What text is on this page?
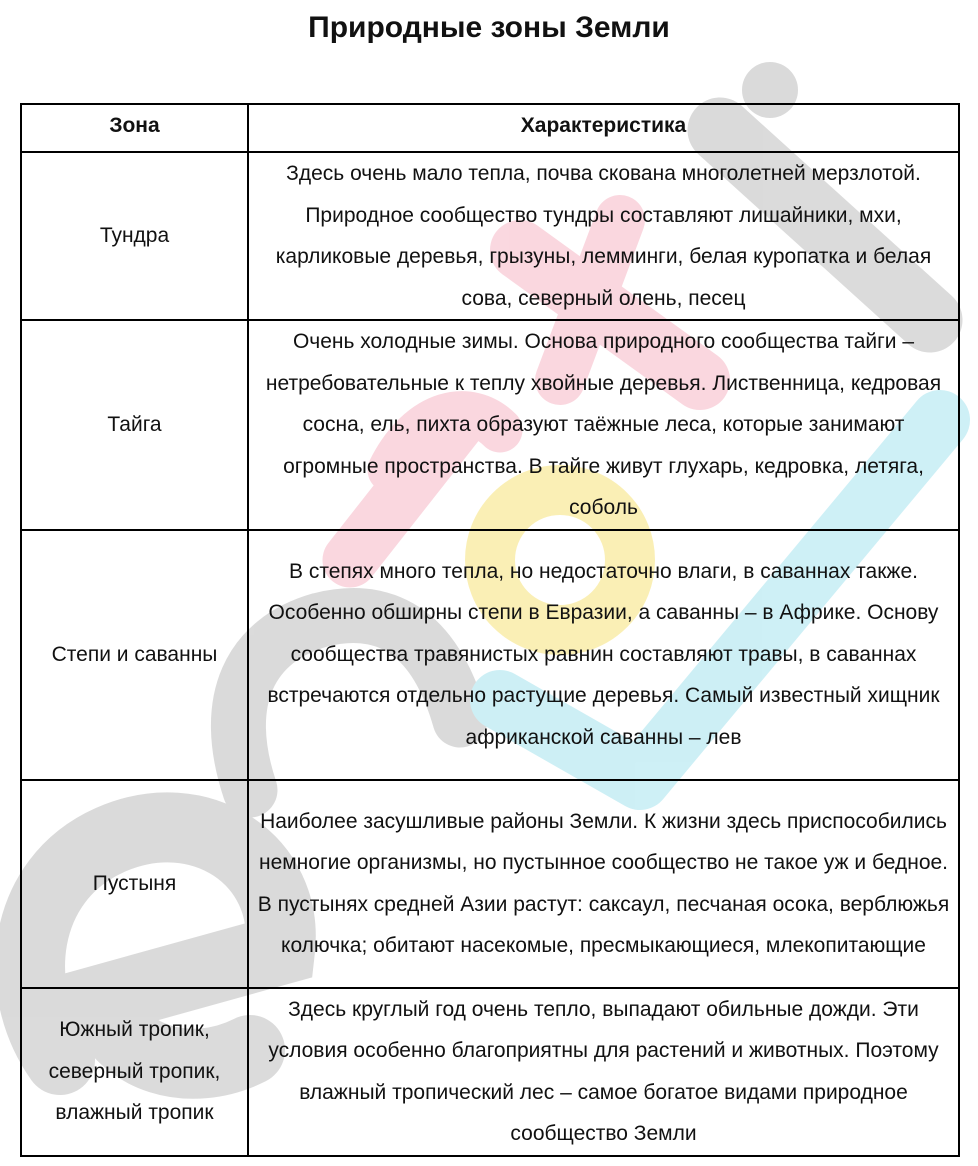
Природные зоны Земли
Зона	Характеристика
Тундра	Здесь очень мало тепла, почва скована многолетней мерзлотой. Природное сообщество тундры составляют лишайники, мхи, карликовые деревья, грызуны, лемминги, белая куропатка и белая сова, северный олень, песец
Тайга	Очень холодные зимы. Основа природного сообщества тайги – нетребовательные к теплу хвойные деревья. Лиственница, кедровая сосна, ель, пихта образуют таёжные леса, которые занимают огромные пространства. В тайге живут глухарь, кедровка, летяга, соболь
Степи и саванны	В степях много тепла, но недостаточно влаги, в саваннах также. Особенно обширны степи в Евразии, а саванны – в Африке. Основу сообщества травянистых равнин составляют травы, в саваннах встречаются отдельно растущие деревья. Самый известный хищник африканской саванны – лев
Пустыня	Наиболее засушливые районы Земли. К жизни здесь приспособились немногие организмы, но пустынное сообщество не такое уж и бедное. В пустынях средней Азии растут: саксаул, песчаная осока, верблюжья колючка; обитают насекомые, пресмыкающиеся, млекопитающие
Южный тропик, северный тропик, влажный тропик	Здесь круглый год очень тепло, выпадают обильные дожди. Эти условия особенно благоприятны для растений и животных. Поэтому влажный тропический лес – самое богатое видами природное сообщество Земли
